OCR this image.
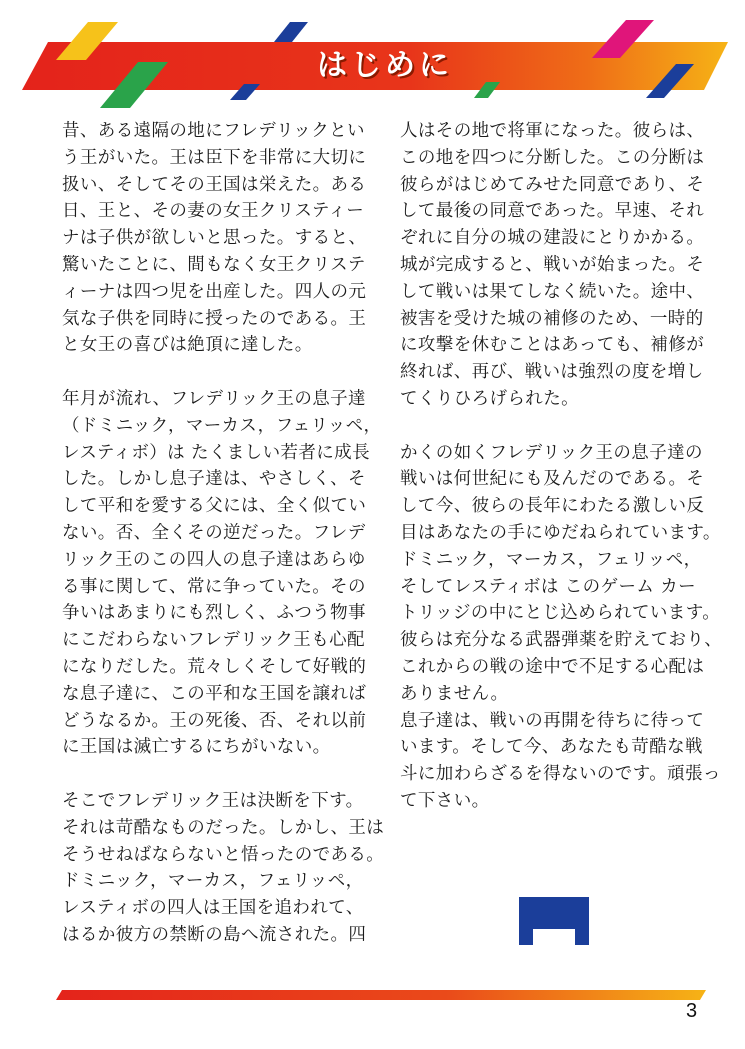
はじめに
昔、ある遠隔の地にフレデリックとい
う王がいた。王は臣下を非常に大切に
扱い、そしてその王国は栄えた。ある
日、王と、その妻の女王クリスティー
ナは子供が欲しいと思った。すると、
驚いたことに、間もなく女王クリステ
ィーナは四つ児を出産した。四人の元
気な子供を同時に授ったのである。王
と女王の喜びは絶頂に達した。
年月が流れ、フレデリック王の息子達
（ドミニック，マーカス，フェリッペ，
レスティボ）は たくましい若者に成長
した。しかし息子達は、やさしく、そ
して平和を愛する父には、全く似てい
ない。否、全くその逆だった。フレデ
リック王のこの四人の息子達はあらゆ
る事に関して、常に争っていた。その
争いはあまりにも烈しく、ふつう物事
にこだわらないフレデリック王も心配
になりだした。荒々しくそして好戦的
な息子達に、この平和な王国を譲れば
どうなるか。王の死後、否、それ以前
に王国は滅亡するにちがいない。
そこでフレデリック王は決断を下す。
それは苛酷なものだった。しかし、王は
そうせねばならないと悟ったのである。
ドミニック，マーカス，フェリッペ，
レスティボの四人は王国を追われて、
はるか彼方の禁断の島へ流された。四
人はその地で将軍になった。彼らは、
この地を四つに分断した。この分断は
彼らがはじめてみせた同意であり、そ
して最後の同意であった。早速、それ
ぞれに自分の城の建設にとりかかる。
城が完成すると、戦いが始まった。そ
して戦いは果てしなく続いた。途中、
被害を受けた城の補修のため、一時的
に攻撃を休むことはあっても、補修が
終れば、再び、戦いは強烈の度を増し
てくりひろげられた。
かくの如くフレデリック王の息子達の
戦いは何世紀にも及んだのである。そ
して今、彼らの長年にわたる激しい反
目はあなたの手にゆだねられています。
ドミニック，マーカス，フェリッペ，
そしてレスティボは このゲーム カー
トリッジの中にとじ込められています。
彼らは充分なる武器弾薬を貯えており、
これからの戦の途中で不足する心配は
ありません。
息子達は、戦いの再開を待ちに待って
います。そして今、あなたも苛酷な戦
斗に加わらざるを得ないのです。頑張っ
て下さい。
3
